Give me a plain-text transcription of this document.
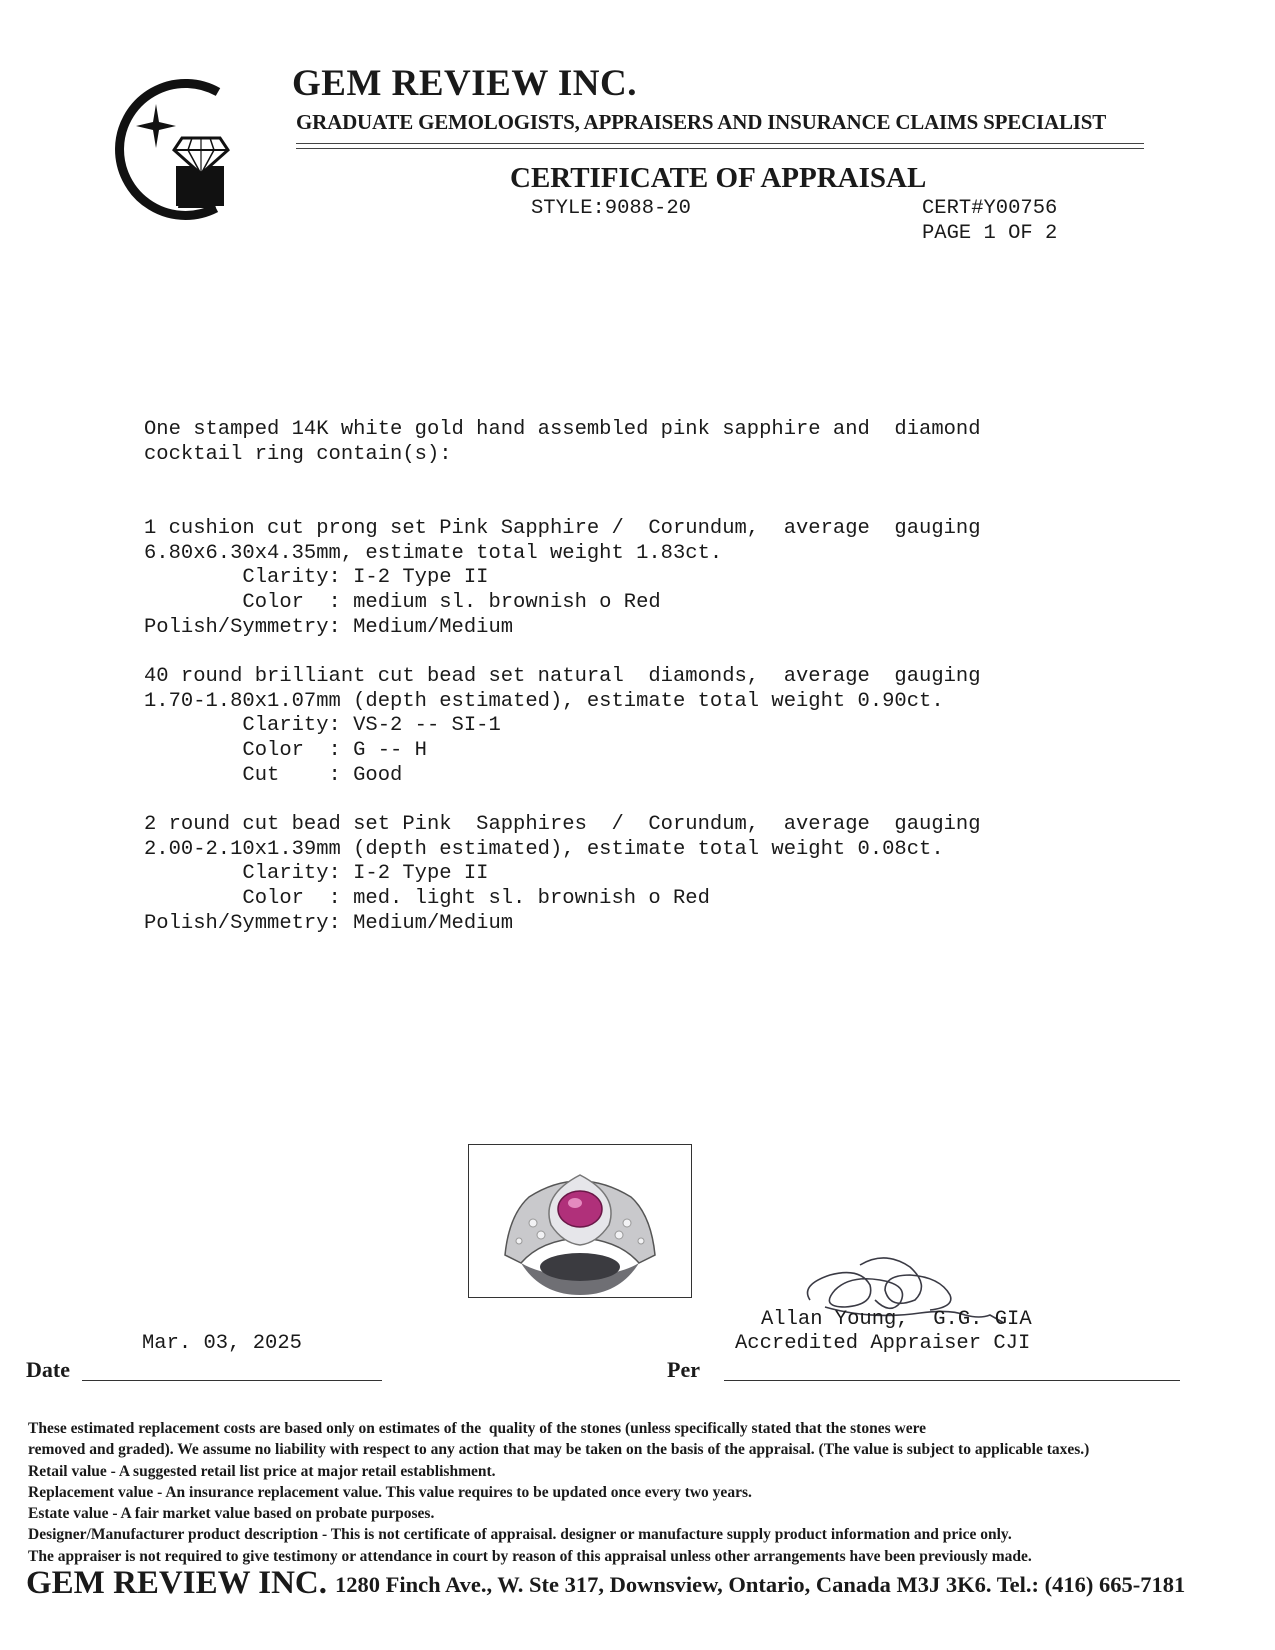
GEM REVIEW INC.
GRADUATE GEMOLOGISTS, APPRAISERS AND INSURANCE CLAIMS SPECIALIST
CERTIFICATE OF APPRAISAL
STYLE:9088-20	CERT#Y00756
PAGE 1 OF 2
One stamped 14K white gold hand assembled pink sapphire and  diamond
cocktail ring contain(s):
1 cushion cut prong set Pink Sapphire /  Corundum,  average  gauging
6.80x6.30x4.35mm, estimate total weight 1.83ct.
Clarity: I-2 Type II
Color  : medium sl. brownish o Red
Polish/Symmetry: Medium/Medium
40 round brilliant cut bead set natural  diamonds,  average  gauging
1.70-1.80x1.07mm (depth estimated), estimate total weight 0.90ct.
Clarity: VS-2 -- SI-1
Color  : G -- H
Cut    : Good
2 round cut bead set Pink  Sapphires  /  Corundum,  average  gauging
2.00-2.10x1.39mm (depth estimated), estimate total weight 0.08ct.
Clarity: I-2 Type II
Color  : med. light sl. brownish o Red
Polish/Symmetry: Medium/Medium
Allan Young,  G.G. GIA
Accredited Appraiser CJI
Mar. 03, 2025
Date	Per
These estimated replacement costs are based only on estimates of the  quality of the stones (unless specifically stated that the stones were
removed and graded). We assume no liability with respect to any action that may be taken on the basis of the appraisal. (The value is subject to applicable taxes.)
Retail value - A suggested retail list price at major retail establishment.
Replacement value - An insurance replacement value. This value requires to be updated once every two years.
Estate value - A fair market value based on probate purposes.
Designer/Manufacturer product description - This is not certificate of appraisal. designer or manufacture supply product information and price only.
The appraiser is not required to give testimony or attendance in court by reason of this appraisal unless other arrangements have been previously made.
GEM REVIEW INC. 1280 Finch Ave., W. Ste 317, Downsview, Ontario, Canada M3J 3K6. Tel.: (416) 665-7181
